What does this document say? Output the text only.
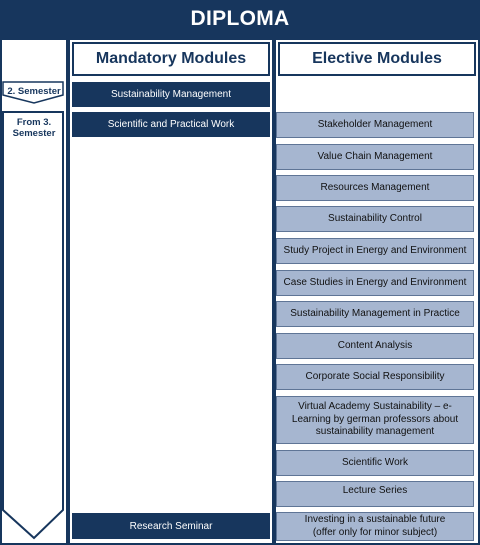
DIPLOMA
Mandatory Modules	Elective Modules
2. Semester
From 3.
Semester
Sustainability Management
Scientific and Practical Work
Research Seminar
Stakeholder Management
Value Chain Management
Resources Management
Sustainability Control
Study Project in Energy and Environment
Case Studies in Energy and Environment
Sustainability Management in Practice
Content Analysis
Corporate Social Responsibility
Virtual Academy Sustainability – e-Learning by german professors about sustainability management
Scientific Work
Lecture Series
Investing in a sustainable future (offer only for minor subject)
